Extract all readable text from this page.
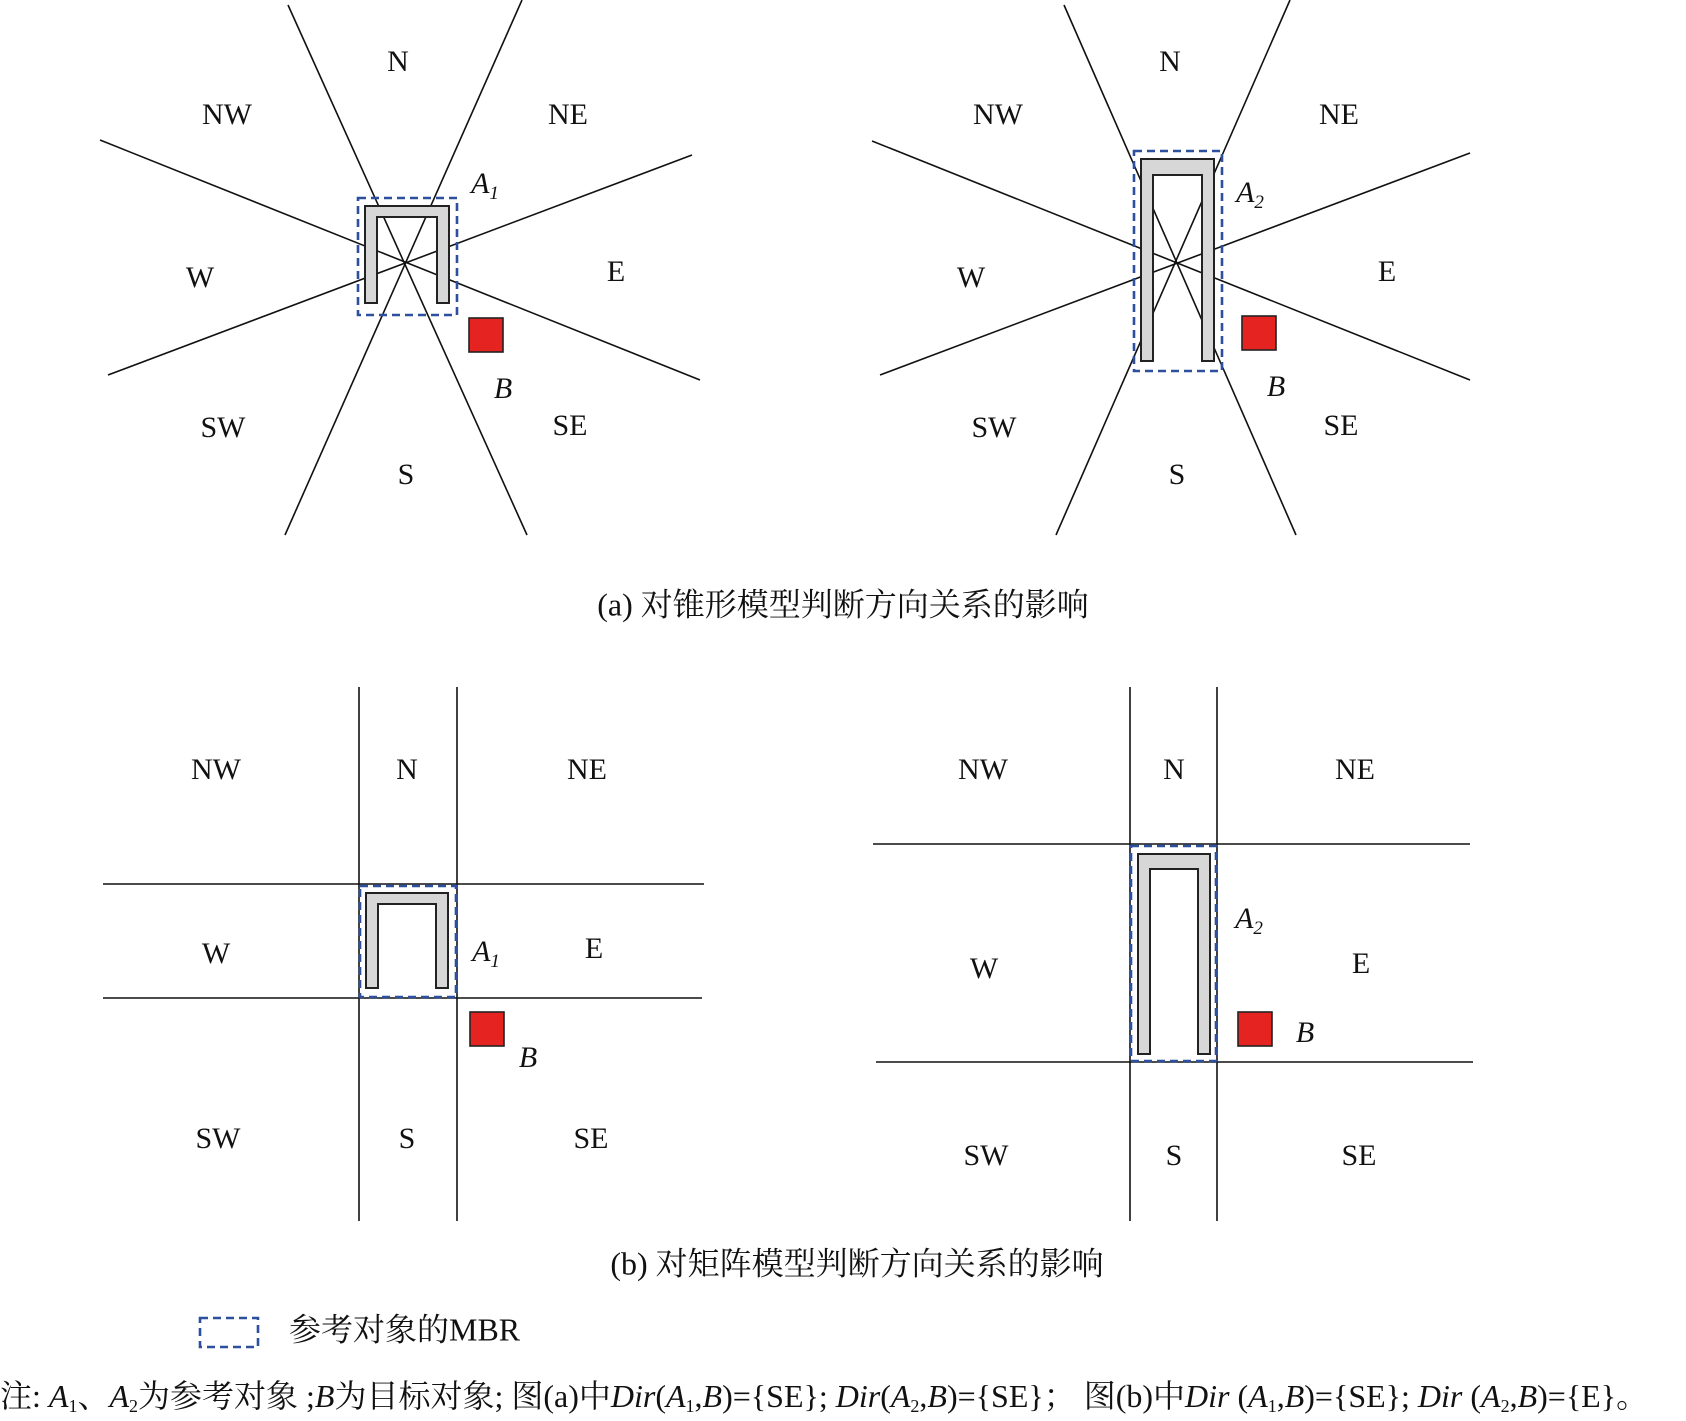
N
NW	NE
W	E
SW	SE
S
$A_1$
B
N
NW	NE
W	E
SW	SE
S
$A_2$
B
(a) 对锥形模型判断方向关系的影响
NW	N	NE
W	E
SW	S	SE
$A_1$
B
NW	N	NE
W	E
SW	S	SE
$A_2$
B
(b) 对矩阵模型判断方向关系的影响
参考对象的MBR
注: $A_1$、$A_2$为参考对象 ;B为目标对象; 图(a)中$Dir(A_1,B)=\{SE\}$; $Dir(A_2,B)=\{SE\}$； 图(b)中Dir $(A_1,B)=\{SE\}$; Dir $(A_2,B)=\{E\}$。
